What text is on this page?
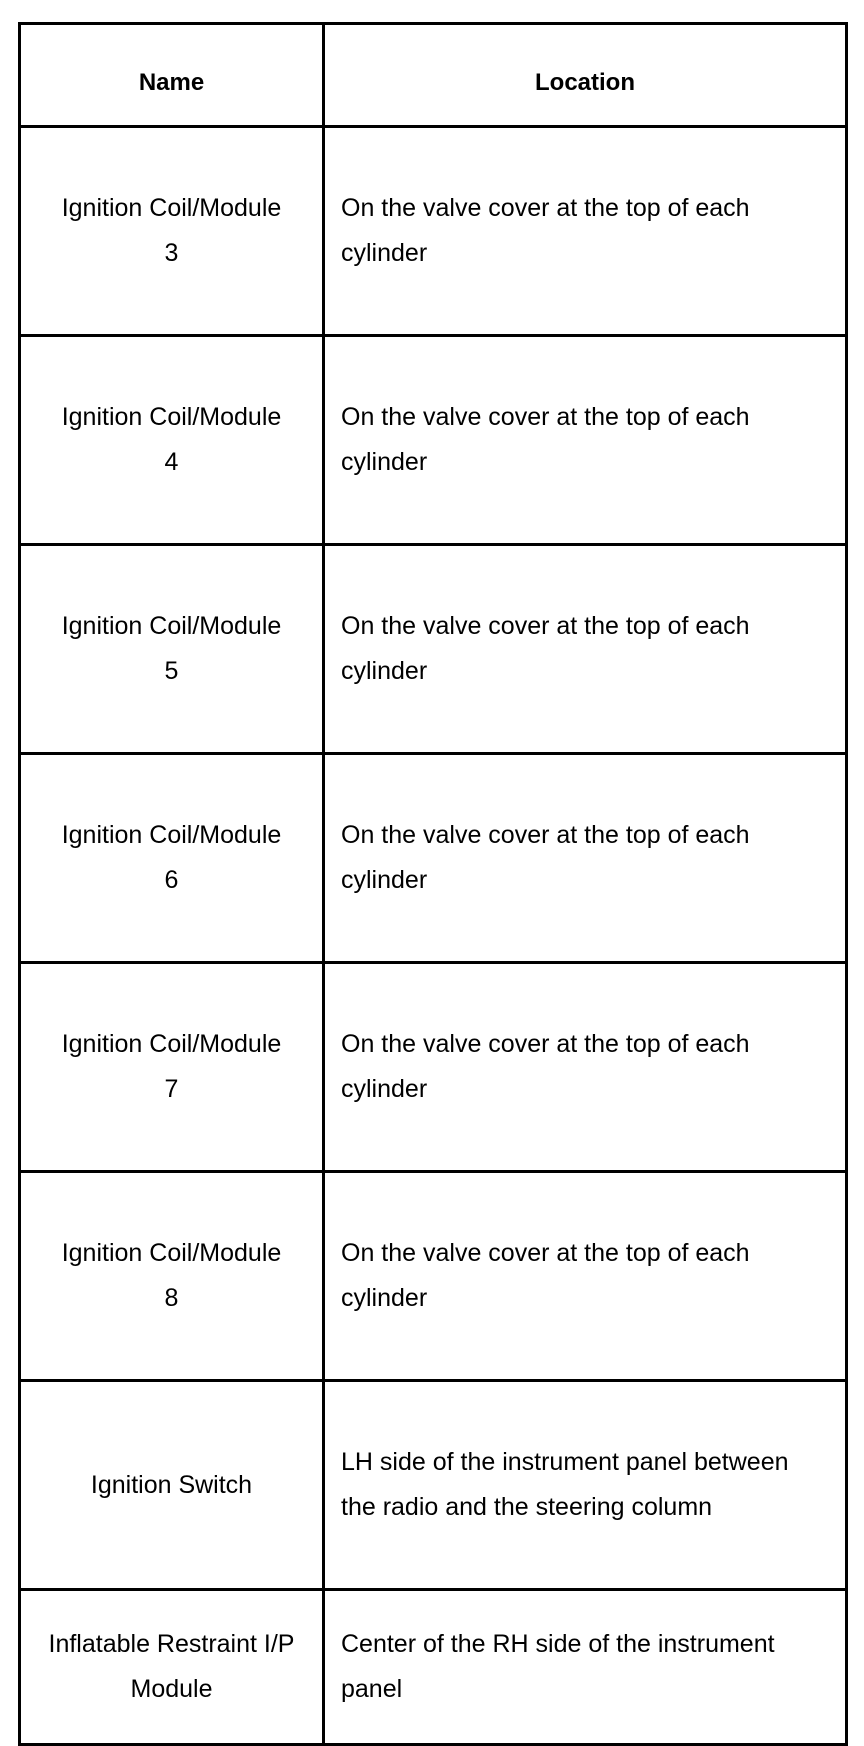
Name	Location
Ignition Coil/Module 3	On the valve cover at the top of each cylinder
Ignition Coil/Module 4	On the valve cover at the top of each cylinder
Ignition Coil/Module 5	On the valve cover at the top of each cylinder
Ignition Coil/Module 6	On the valve cover at the top of each cylinder
Ignition Coil/Module 7	On the valve cover at the top of each cylinder
Ignition Coil/Module 8	On the valve cover at the top of each cylinder
Ignition Switch	LH side of the instrument panel between the radio and the steering column
Inflatable Restraint I/P Module	Center of the RH side of the instrument panel
